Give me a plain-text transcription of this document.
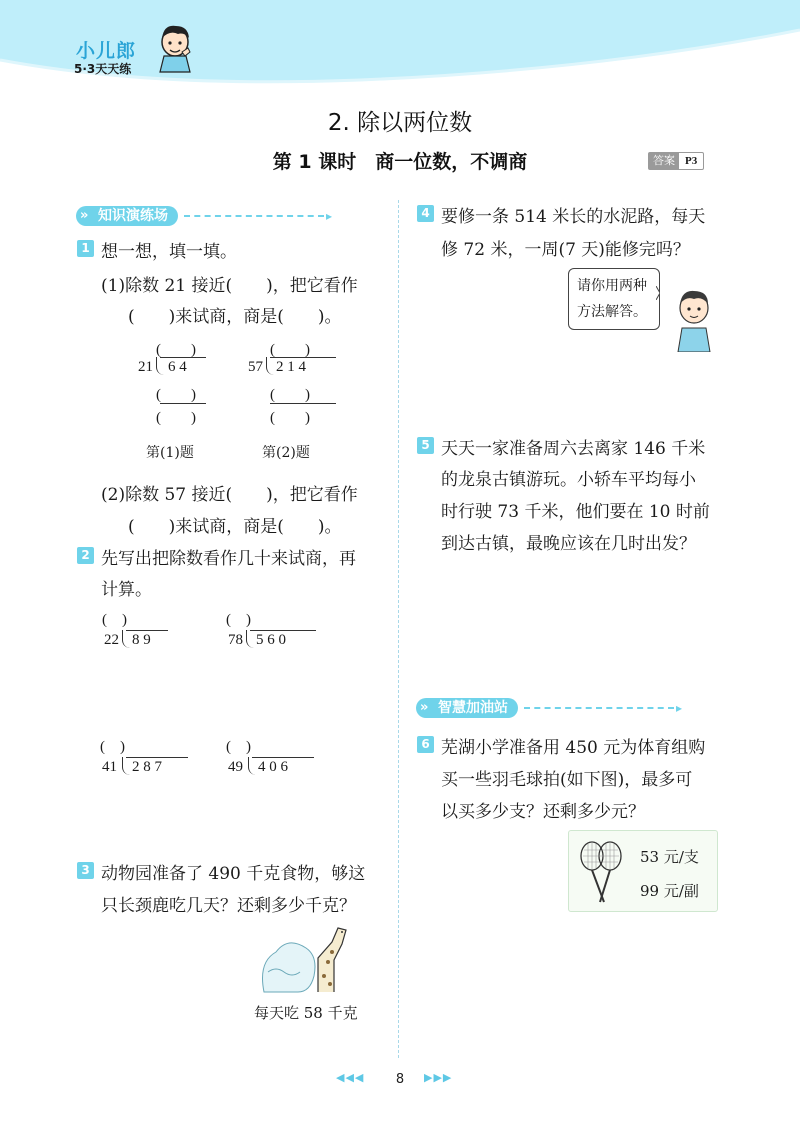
小儿郎
5·3天天练
2. 除以两位数
第 1 课时　商一位数，不调商	答案 P3
» 知识演练场	▸
1 想一想，填一填。
(1)除数 21 接近(　　)，把它看作
(　　)来试商，商是(　　)。
(　　)
21 6 4
(　　)
(　　)
第(1)题
(　　)
57 2 1 4
(　　)
(　　)
第(2)题
(2)除数 57 接近(　　)，把它看作
(　　)来试商，商是(　　)。
2 先写出把除数看作几十来试商，再
计算。
(　)
22 8 9
(　)
78 5 6 0
(　)
41 2 8 7
(　)
49 4 0 6
3 动物园准备了 490 千克食物，够这
只长颈鹿吃几天？还剩多少千克？
每天吃 58 千克
4 要修一条 514 米长的水泥路，每天
修 72 米，一周(7 天)能修完吗？
请你用两种
方法解答。
5 天天一家准备周六去离家 146 千米
的龙泉古镇游玩。小轿车平均每小
时行驶 73 千米，他们要在 10 时前
到达古镇，最晚应该在几时出发？
» 智慧加油站	▸
6 芜湖小学准备用 450 元为体育组购
买一些羽毛球拍(如下图)，最多可
以买多少支？还剩多少元？
53 元/支
99 元/副
◀◀◀	8	▶▶▶
